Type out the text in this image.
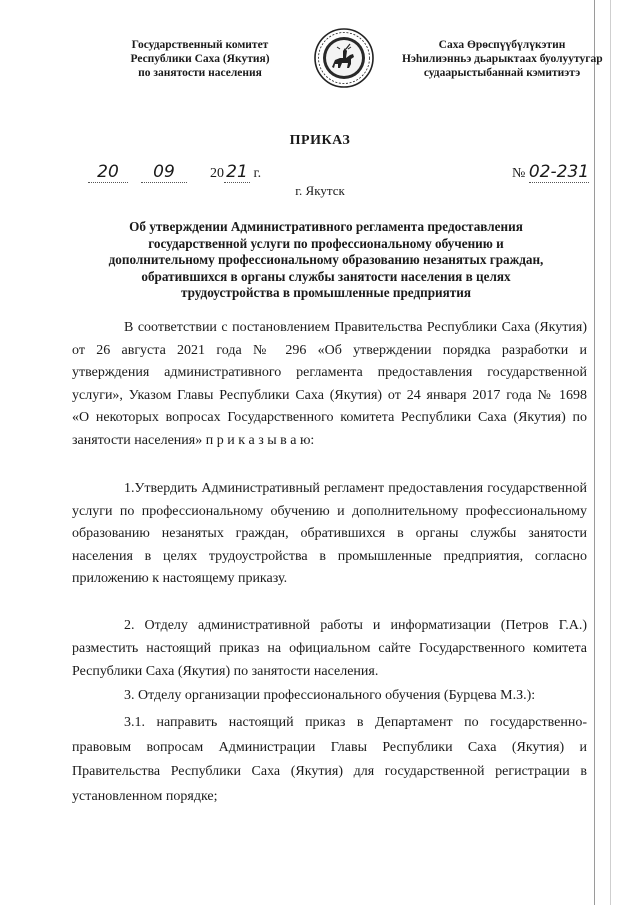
Государственный комитет
Республики Саха (Якутия)
по занятости населения
Саха Өрөспүүбүлүкэтин
Нэһилиэнньэ дьарыктаах буолуутугар
судаарыстыбаннай кэмитиэтэ
ПРИКАЗ
20 09	20 21 г.	№ 02-231
г. Якутск
Об утверждении Административного регламента предоставления
государственной услуги по профессиональному обучению и
дополнительному профессиональному образованию незанятых граждан,
обратившихся в органы службы занятости населения в целях
трудоустройства в промышленные предприятия
В соответствии с постановлением Правительства Республики Саха (Якутия)
от 26 августа 2021 года № 296 «Об утверждении порядка разработки и
утверждения административного регламента предоставления государственной
услуги», Указом Главы Республики Саха (Якутия) от 24 января 2017 года № 1698
«О некоторых вопросах Государственного комитета Республики Саха (Якутия) по
занятости населения» п р и к а з ы в а ю:
1.Утвердить Административный регламент предоставления государственной
услуги по профессиональному обучению и дополнительному профессиональному
образованию незанятых граждан, обратившихся в органы службы занятости
населения в целях трудоустройства в промышленные предприятия, согласно
приложению к настоящему приказу.
2. Отделу административной работы и информатизации (Петров Г.А.)
разместить настоящий приказ на официальном сайте Государственного комитета
Республики Саха (Якутия) по занятости населения.
3. Отделу организации профессионального обучения (Бурцева М.З.):
3.1. направить настоящий приказ в Департамент по государственно-
правовым вопросам Администрации Главы Республики Саха (Якутия) и
Правительства Республики Саха (Якутия) для государственной регистрации в
установленном порядке;
